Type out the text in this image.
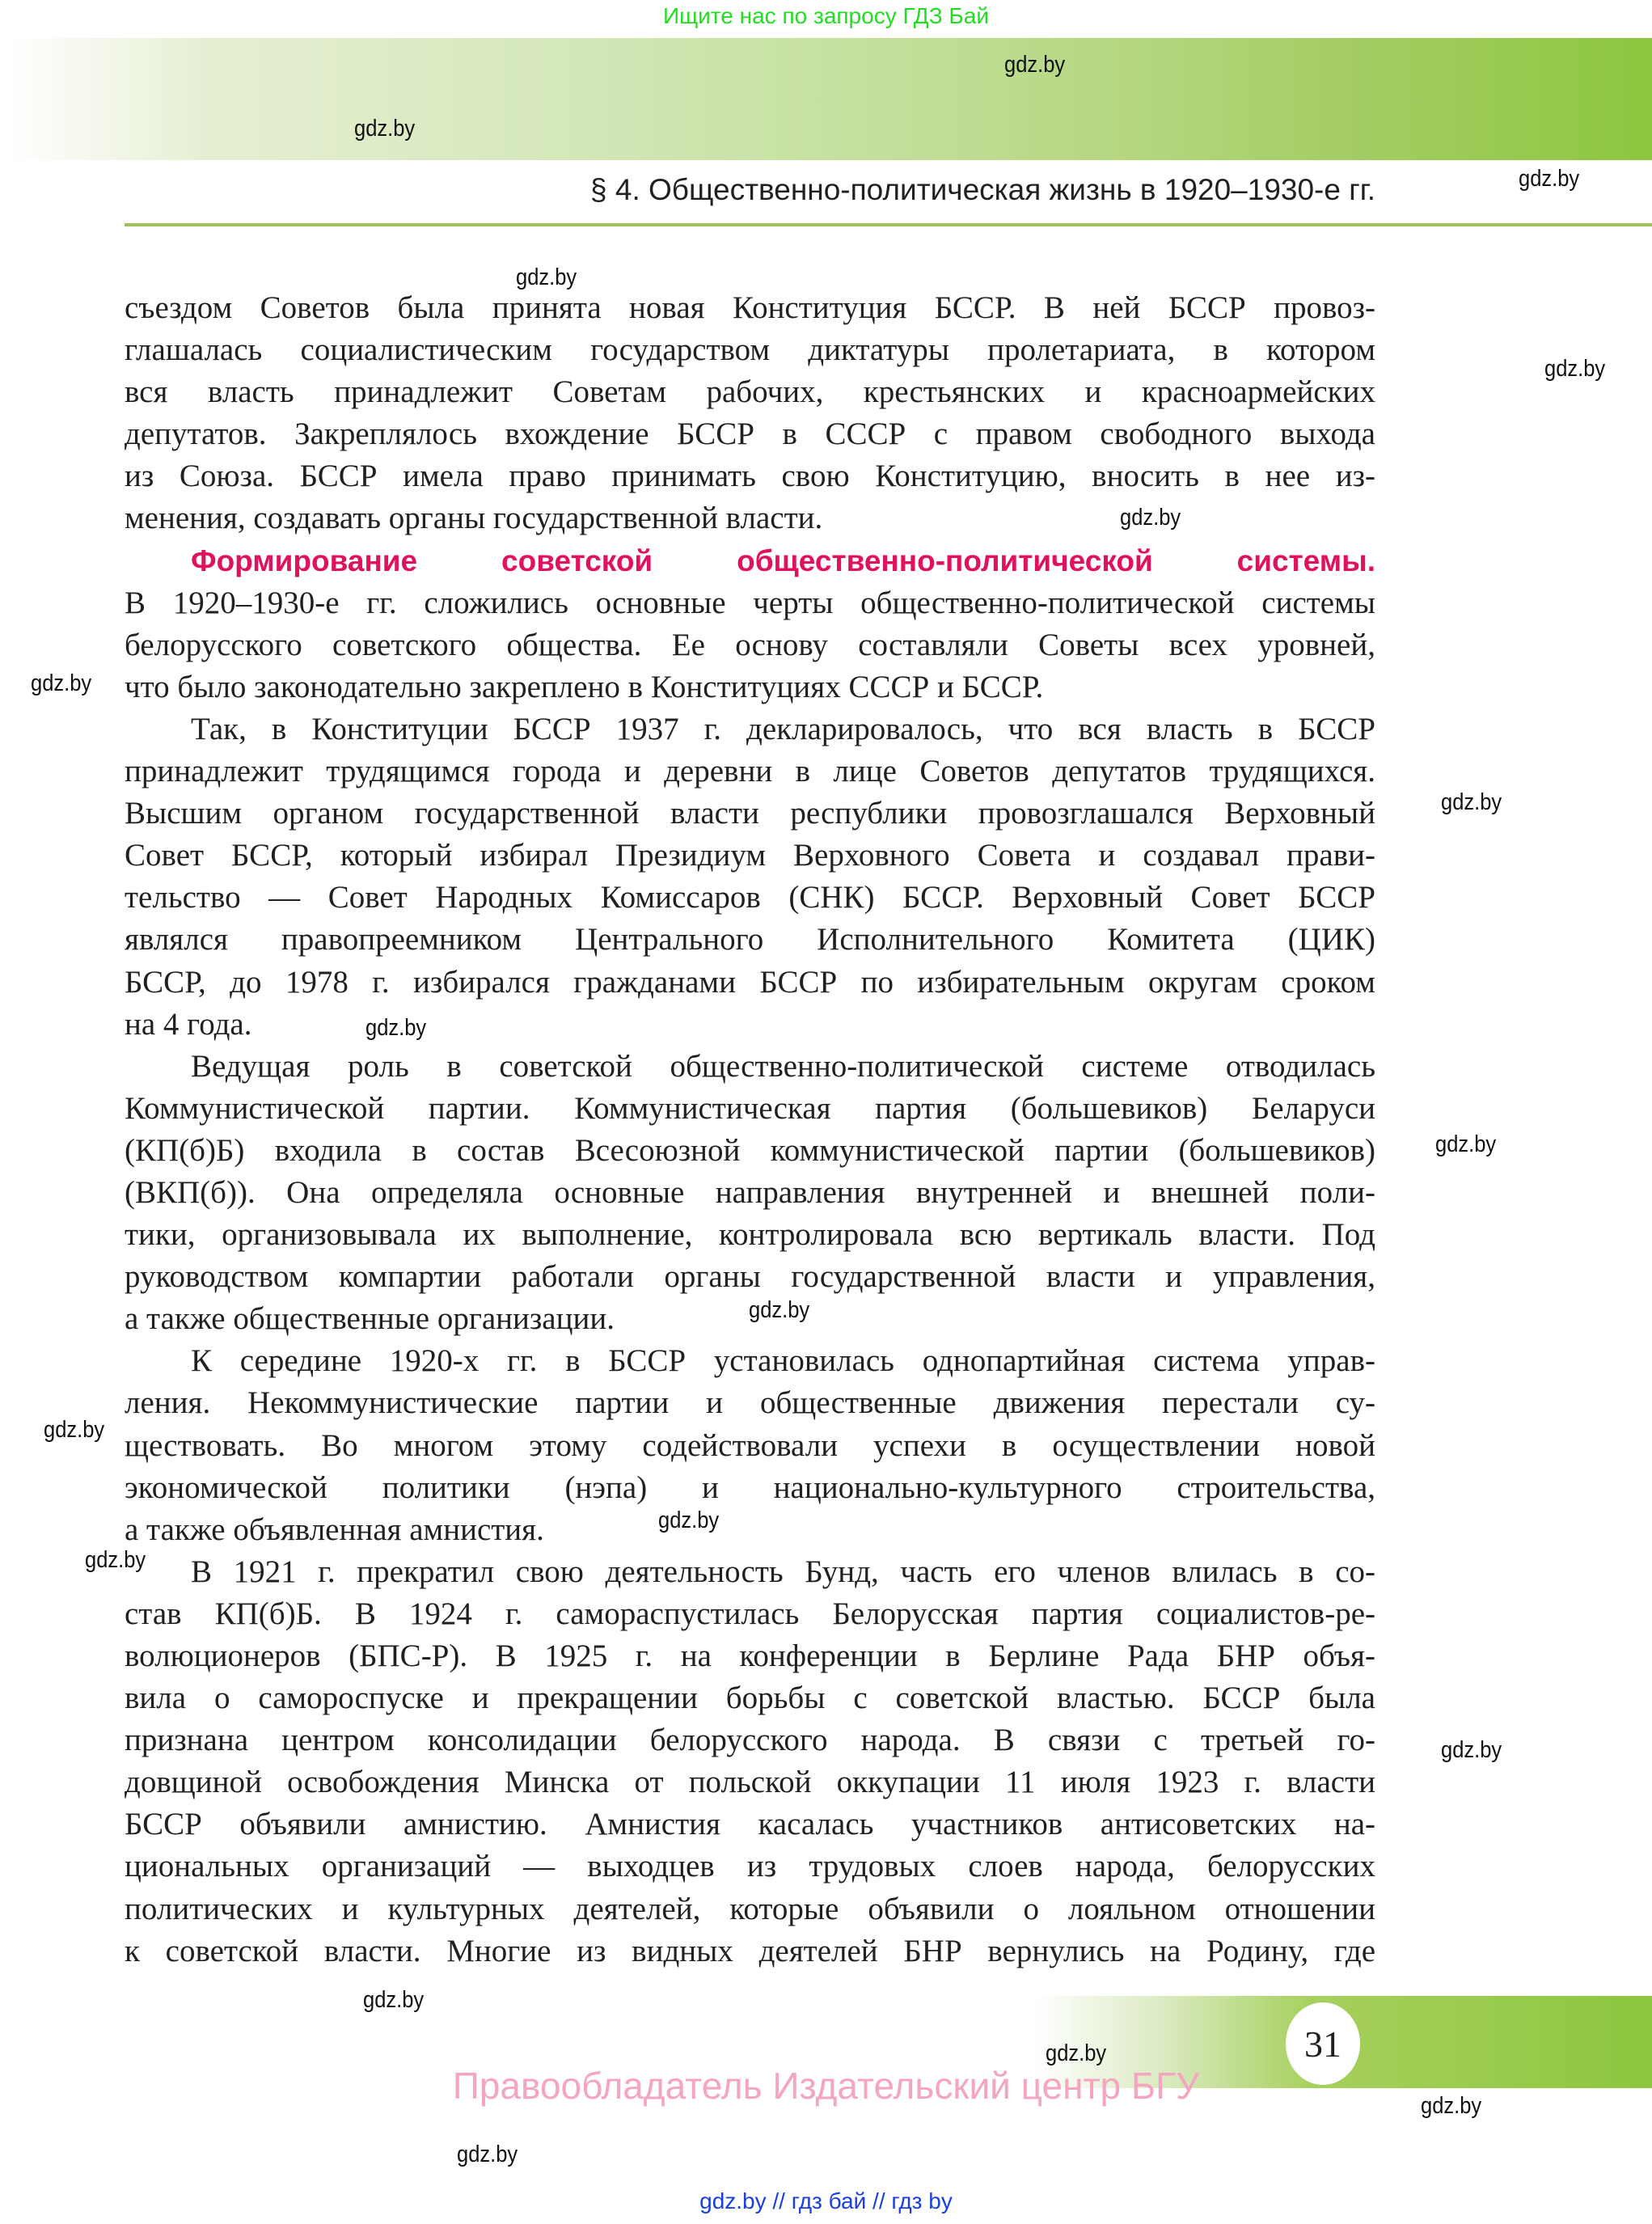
Ищите нас по запросу ГДЗ Бай
§ 4. Общественно-политическая жизнь в 1920–1930-е гг.
съездом Советов была принята новая Конституция БССР. В ней БССР провоз-
глашалась социалистическим государством диктатуры пролетариата, в котором
вся власть принадлежит Советам рабочих, крестьянских и красноармейских
депутатов. Закреплялось вхождение БССР в СССР с правом свободного выхода
из Союза. БССР имела право принимать свою Конституцию, вносить в нее из-
менения, создавать органы государственной власти.
Формирование советской общественно-политической системы.
В 1920–1930-е гг. сложились основные черты общественно-политической системы
белорусского советского общества. Ее основу составляли Советы всех уровней,
что было законодательно закреплено в Конституциях СССР и БССР.
Так, в Конституции БССР 1937 г. декларировалось, что вся власть в БССР
принадлежит трудящимся города и деревни в лице Советов депутатов трудящихся.
Высшим органом государственной власти республики провозглашался Верховный
Совет БССР, который избирал Президиум Верховного Совета и создавал прави-
тельство — Совет Народных Комиссаров (СНК) БССР. Верховный Совет БССР
являлся правопреемником Центрального Исполнительного Комитета (ЦИК)
БССР, до 1978 г. избирался гражданами БССР по избирательным округам сроком
на 4 года.
Ведущая роль в советской общественно-политической системе отводилась
Коммунистической партии. Коммунистическая партия (большевиков) Беларуси
(КП(б)Б) входила в состав Всесоюзной коммунистической партии (большевиков)
(ВКП(б)). Она определяла основные направления внутренней и внешней поли-
тики, организовывала их выполнение, контролировала всю вертикаль власти. Под
руководством компартии работали органы государственной власти и управления,
а также общественные организации.
К середине 1920-х гг. в БССР установилась однопартийная система управ-
ления. Некоммунистические партии и общественные движения перестали су-
ществовать. Во многом этому содействовали успехи в осуществлении новой
экономической политики (нэпа) и национально-культурного строительства,
а также объявленная амнистия.
В 1921 г. прекратил свою деятельность Бунд, часть его членов влилась в со-
став КП(б)Б. В 1924 г. самораспустилась Белорусская партия социалистов-ре-
волюционеров (БПС-Р). В 1925 г. на конференции в Берлине Рада БНР объя-
вила о самороспуске и прекращении борьбы с советской властью. БССР была
признана центром консолидации белорусского народа. В связи с третьей го-
довщиной освобождения Минска от польской оккупации 11 июля 1923 г. власти
БССР объявили амнистию. Амнистия касалась участников антисоветских на-
циональных организаций — выходцев из трудовых слоев народа, белорусских
политических и культурных деятелей, которые объявили о лояльном отношении
к советской власти. Многие из видных деятелей БНР вернулись на Родину, где
31
Правообладатель Издательский центр БГУ
gdz.by // гдз бай // гдз by
gdz.by
gdz.by
gdz.by
gdz.by
gdz.by
gdz.by
gdz.by
gdz.by
gdz.by
gdz.by
gdz.by
gdz.by
gdz.by
gdz.by
gdz.by
gdz.by
gdz.by
gdz.by
gdz.by
